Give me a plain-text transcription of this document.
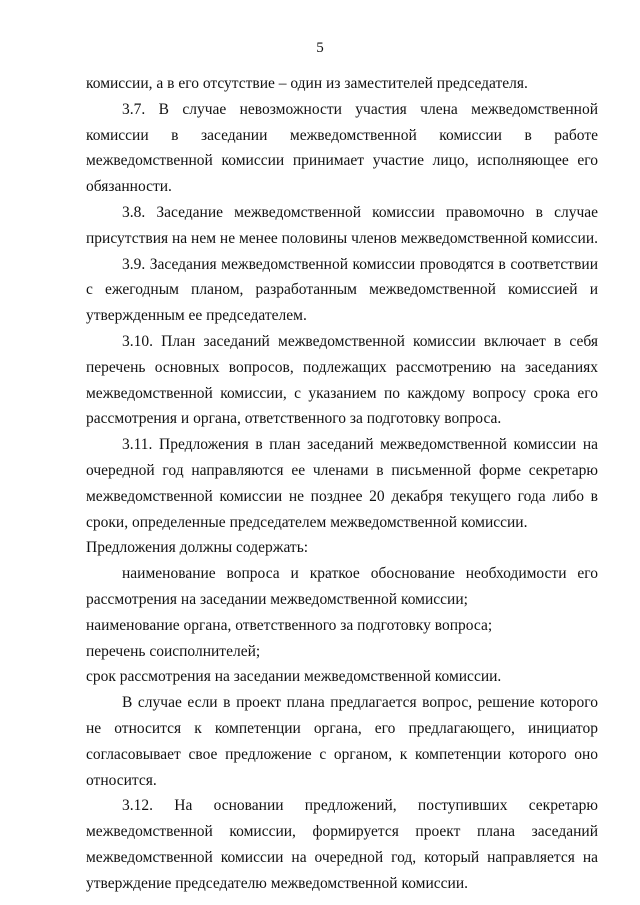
5

комиссии, а в его отсутствие – один из заместителей председателя.

3.7. В случае невозможности участия члена межведомственной комиссии в заседании межведомственной комиссии в работе межведомственной комиссии принимает участие лицо, исполняющее его обязанности.

3.8. Заседание межведомственной комиссии правомочно в случае присутствия на нем не менее половины членов межведомственной комиссии.

3.9. Заседания межведомственной комиссии проводятся в соответствии с ежегодным планом, разработанным межведомственной комиссией и утвержденным ее председателем.

3.10. План заседаний межведомственной комиссии включает в себя перечень основных вопросов, подлежащих рассмотрению на заседаниях межведомственной комиссии, с указанием по каждому вопросу срока его рассмотрения и органа, ответственного за подготовку вопроса.

3.11. Предложения в план заседаний межведомственной комиссии на очередной год направляются ее членами в письменной форме секретарю межведомственной комиссии не позднее 20 декабря текущего года либо в сроки, определенные председателем межведомственной комиссии.

Предложения должны содержать:

наименование вопроса и краткое обоснование необходимости его рассмотрения на заседании межведомственной комиссии;

наименование органа, ответственного за подготовку вопроса;

перечень соисполнителей;

срок рассмотрения на заседании межведомственной комиссии.

В случае если в проект плана предлагается вопрос, решение которого не относится к компетенции органа, его предлагающего, инициатор согласовывает свое предложение с органом, к компетенции которого оно относится.

3.12. На основании предложений, поступивших секретарю межведомственной комиссии, формируется проект плана заседаний межведомственной комиссии на очередной год, который направляется на утверждение председателю межведомственной комиссии.
